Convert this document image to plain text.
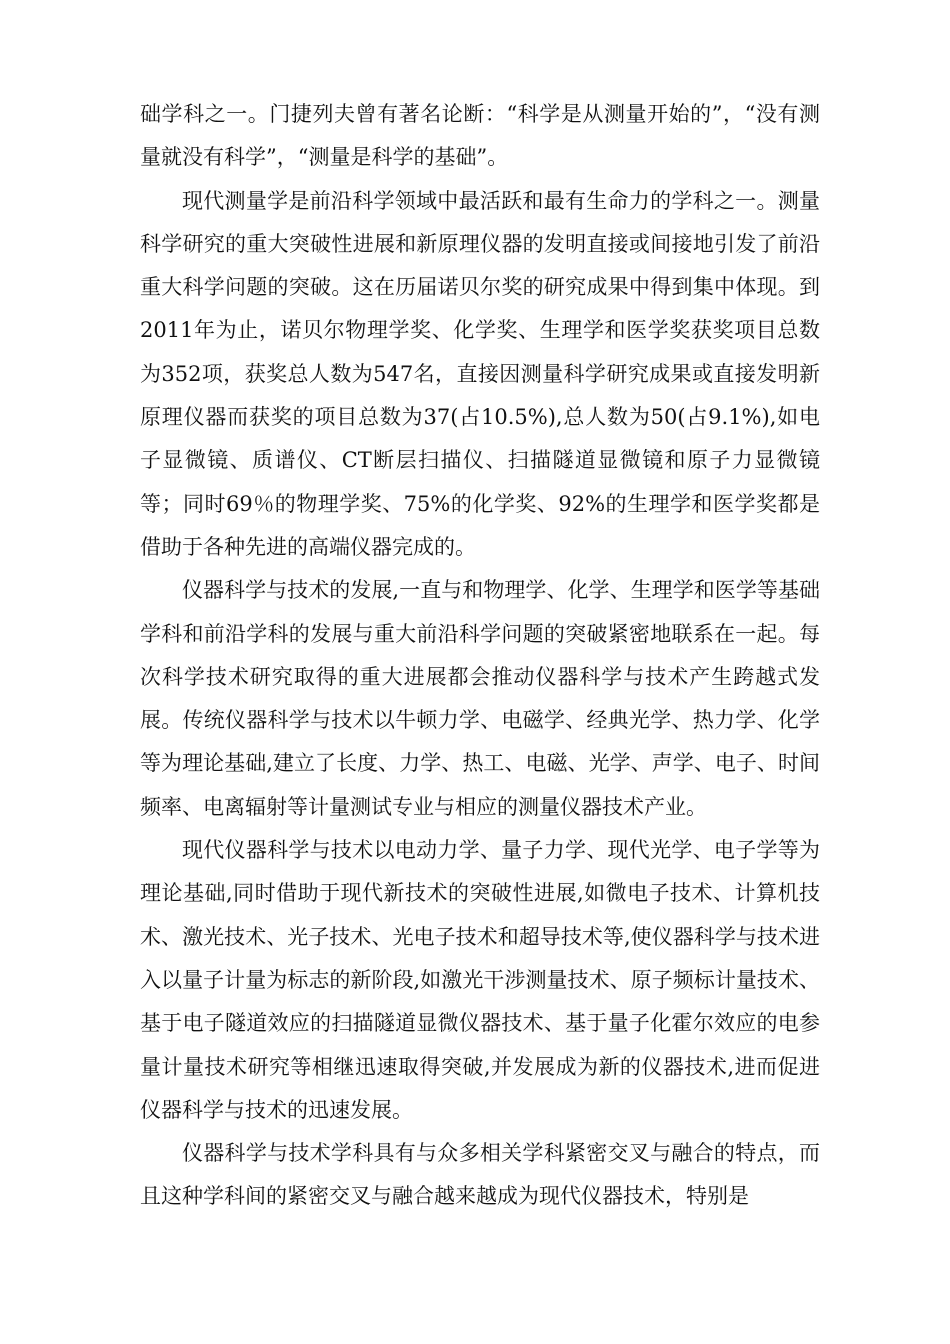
础学科之一。门捷列夫曾有著名论断：“科学是从测量开始的”，“没有测量就没有科学”，“测量是科学的基础”。

现代测量学是前沿科学领域中最活跃和最有生命力的学科之一。测量科学研究的重大突破性进展和新原理仪器的发明直接或间接地引发了前沿重大科学问题的突破。这在历届诺贝尔奖的研究成果中得到集中体现。到2011年为止，诺贝尔物理学奖、化学奖、生理学和医学奖获奖项目总数为352项，获奖总人数为547名，直接因测量科学研究成果或直接发明新原理仪器而获奖的项目总数为37(占10.5%),总人数为50(占9.1%),如电子显微镜、质谱仪、CT断层扫描仪、扫描隧道显微镜和原子力显微镜等；同时69％的物理学奖、75%的化学奖、92%的生理学和医学奖都是借助于各种先进的高端仪器完成的。

仪器科学与技术的发展,一直与和物理学、化学、生理学和医学等基础学科和前沿学科的发展与重大前沿科学问题的突破紧密地联系在一起。每次科学技术研究取得的重大进展都会推动仪器科学与技术产生跨越式发展。传统仪器科学与技术以牛顿力学、电磁学、经典光学、热力学、化学等为理论基础,建立了长度、力学、热工、电磁、光学、声学、电子、时间频率、电离辐射等计量测试专业与相应的测量仪器技术产业。

现代仪器科学与技术以电动力学、量子力学、现代光学、电子学等为理论基础,同时借助于现代新技术的突破性进展,如微电子技术、计算机技术、激光技术、光子技术、光电子技术和超导技术等,使仪器科学与技术进入以量子计量为标志的新阶段,如激光干涉测量技术、原子频标计量技术、基于电子隧道效应的扫描隧道显微仪器技术、基于量子化霍尔效应的电参量计量技术研究等相继迅速取得突破,并发展成为新的仪器技术,进而促进仪器科学与技术的迅速发展。

仪器科学与技术学科具有与众多相关学科紧密交叉与融合的特点，而且这种学科间的紧密交叉与融合越来越成为现代仪器技术，特别是
